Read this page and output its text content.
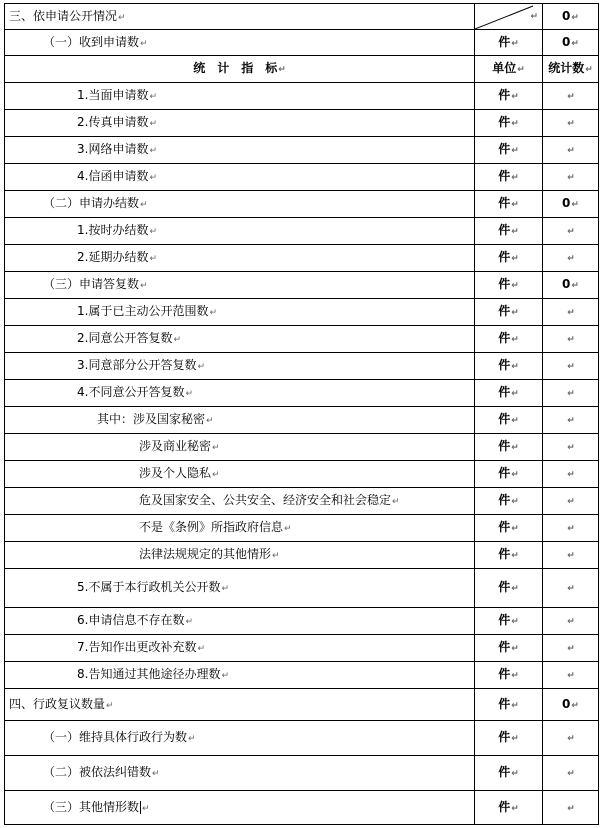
三、依申请公开情况↵	↵	0↵
（一）收到申请数↵	件↵	0↵
统　计　指　标↵	单位↵	统计数↵
1.当面申请数↵	件↵	↵
2.传真申请数↵	件↵	↵
3.网络申请数↵	件↵	↵
4.信函申请数↵	件↵	↵
（二）申请办结数↵	件↵	0↵
1.按时办结数↵	件↵	↵
2.延期办结数↵	件↵	↵
（三）申请答复数↵	件↵	0↵
1.属于已主动公开范围数↵	件↵	↵
2.同意公开答复数↵	件↵	↵
3.同意部分公开答复数↵	件↵	↵
4.不同意公开答复数↵	件↵	↵
其中：涉及国家秘密↵	件↵	↵
涉及商业秘密↵	件↵	↵
涉及个人隐私↵	件↵	↵
危及国家安全、公共安全、经济安全和社会稳定↵	件↵	↵
不是《条例》所指政府信息↵	件↵	↵
法律法规规定的其他情形↵	件↵	↵
5.不属于本行政机关公开数↵	件↵	↵
6.申请信息不存在数↵	件↵	↵
7.告知作出更改补充数↵	件↵	↵
8.告知通过其他途径办理数↵	件↵	↵
四、行政复议数量↵	件↵	0↵
（一）维持具体行政行为数↵	件↵	↵
（二）被依法纠错数↵	件↵	↵
（三）其他情形数 ↵	件↵	↵
